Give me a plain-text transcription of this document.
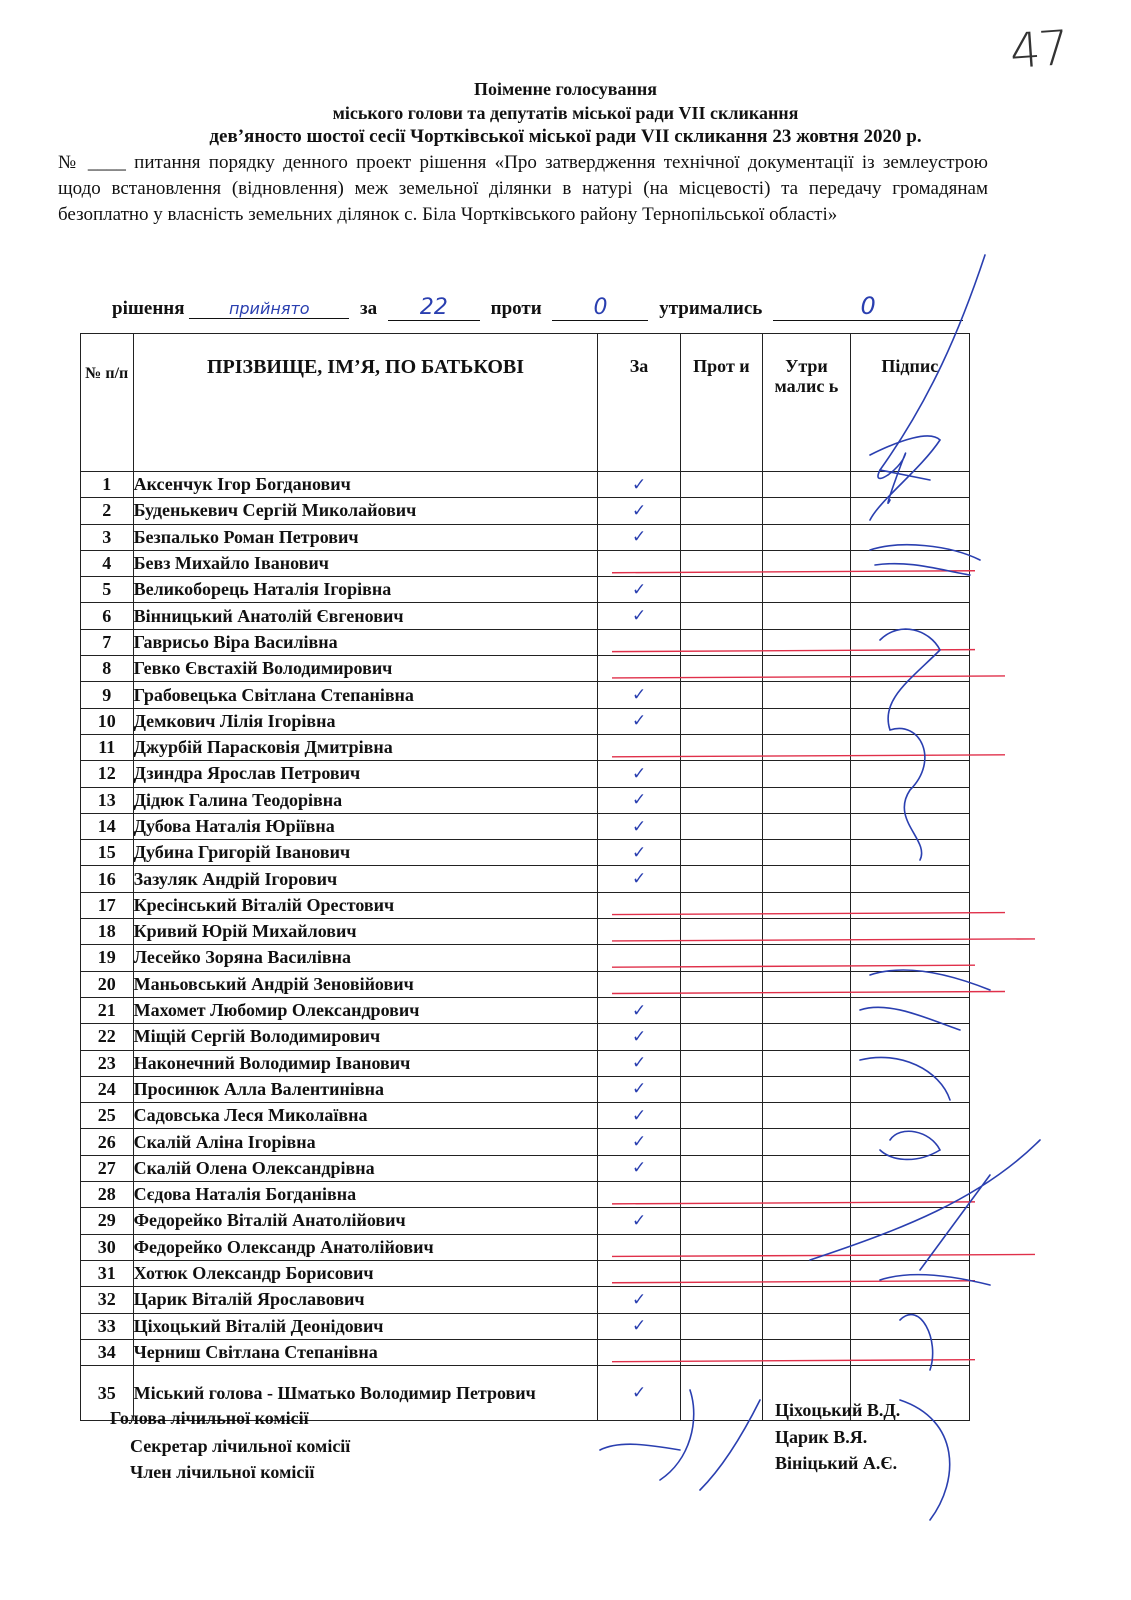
47
Поіменне голосування
міського голови та депутатів міської ради VII скликання
дев’яносто шостої сесії Чортківської міської ради VII скликання 23 жовтня 2020 р.
№ ____ питання порядку денного проект рішення «Про затвердження технічної документації із землеустрою щодо встановлення (відновлення) меж земельної ділянки в натурі (на місцевості) та передачу громадянам безоплатно у власність земельних ділянок с. Біла Чортківського району Тернопільської області»
рішення	прийнято	за 22 проти 0	утримались	0
№ п/п	ПРІЗВИЩЕ, ІМ’Я, ПО БАТЬКОВІ	За	Прот и	Утри малис ь	Підпис
1	Аксенчук Ігор Богданович	✓			
2	Буденькевич Сергій Миколайович	✓			
3	Безпалько Роман Петрович	✓			
4	Бевз Михайло Іванович				
5	Великоборець Наталія Ігорівна	✓			
6	Вінницький Анатолій Євгенович	✓			
7	Гаврисьо Віра Василівна				
8	Гевко Євстахій Володимирович				
9	Грабовецька Світлана Степанівна	✓			
10	Демкович Лілія Ігорівна	✓			
11	Джурбій Парасковія Дмитрівна				
12	Дзиндра Ярослав Петрович	✓			
13	Дідюк Галина Теодорівна	✓			
14	Дубова Наталія Юріївна	✓			
15	Дубина Григорій Іванович	✓			
16	Зазуляк Андрій Ігорович	✓			
17	Кресінський Віталій Орестович				
18	Кривий Юрій Михайлович				
19	Лесейко Зоряна Василівна				
20	Маньовський Андрій Зеновійович				
21	Махомет Любомир Олександрович	✓			
22	Міщій Сергій Володимирович	✓			
23	Наконечний Володимир Іванович	✓			
24	Просинюк Алла Валентинівна	✓			
25	Садовська Леся Миколаївна	✓			
26	Скалій Аліна Ігорівна	✓			
27	Скалій Олена Олександрівна	✓			
28	Сєдова Наталія Богданівна				
29	Федорейко Віталій Анатолійович	✓			
30	Федорейко Олександр Анатолійович				
31	Хотюк Олександр Борисович				
32	Царик Віталій Ярославович	✓			
33	Ціхоцький Віталій Деонідович	✓			
34	Черниш Світлана Степанівна				
35	Міський голова - Шматько Володимир Петрович	✓			
Голова лічильної комісії
Секретар лічильної комісії
Член лічильної комісії
Ціхоцький В.Д.
Царик В.Я.
Вініцький А.Є.
